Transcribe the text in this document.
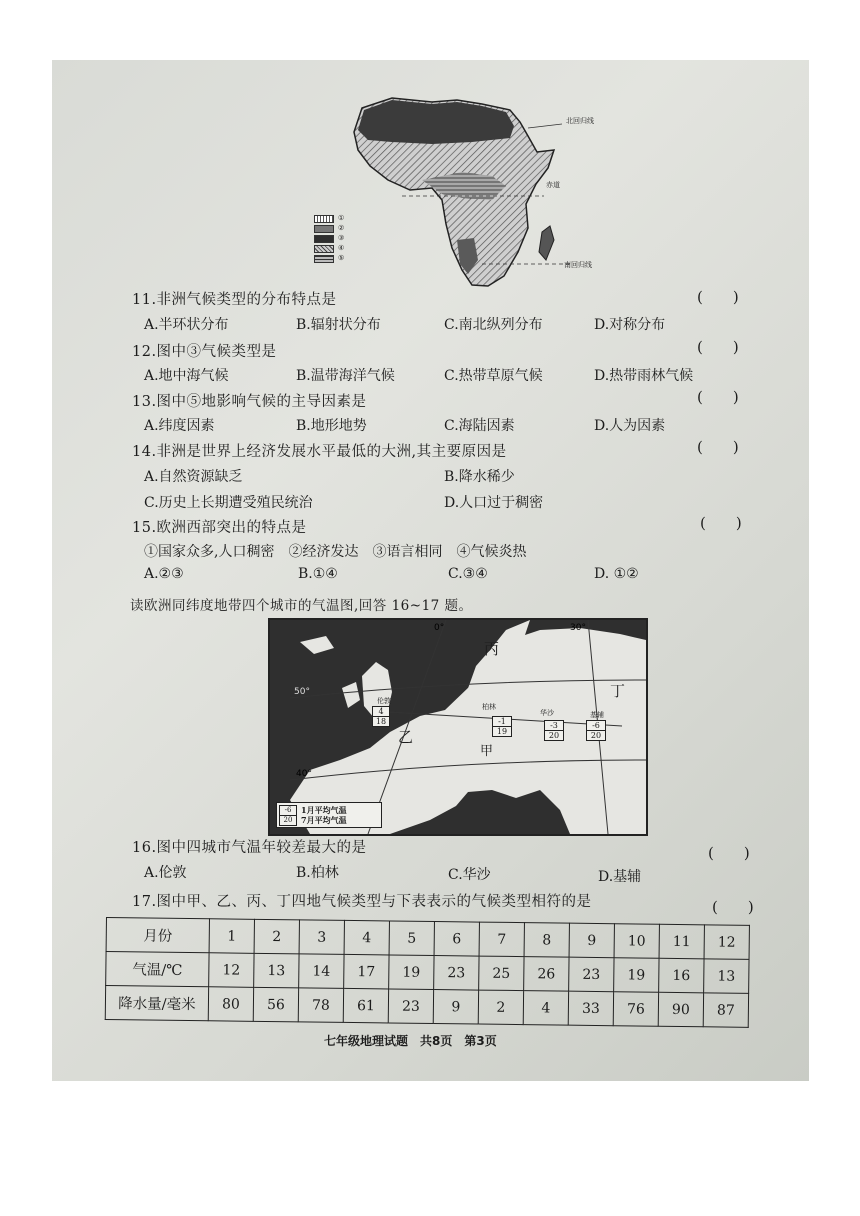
北回归线
赤道
南回归线
①
②
③
④
⑤
11.非洲气候类型的分布特点是	(　　)
A.半环状分布	B.辐射状分布	C.南北纵列分布	D.对称分布
12.图中③气候类型是	(　　)
A.地中海气候	B.温带海洋气候	C.热带草原气候	D.热带雨林气候
13.图中⑤地影响气候的主导因素是	(　　)
A.纬度因素	B.地形地势	C.海陆因素	D.人为因素
14.非洲是世界上经济发展水平最低的大洲,其主要原因是	(　　)
A.自然资源缺乏	B.降水稀少
C.历史上长期遭受殖民统治	D.人口过于稠密
15.欧洲西部突出的特点是	(　　)
①国家众多,人口稠密　②经济发达　③语言相同　④气候炎热
A.②③	B.①④	C.③④	D. ①②
读欧洲同纬度地带四个城市的气温图,回答 16~17 题。
0°	30°
50°
40°
丙
丁
乙
甲
伦敦
柏林
华沙	基辅
4
18	-1
19
-3
20
-6
20
-6
20
1月平均气温
7月平均气温
16.图中四城市气温年较差最大的是	(　　)
A.伦敦	B.柏林	C.华沙	D.基辅
17.图中甲、乙、丙、丁四地气候类型与下表表示的气候类型相符的是	(　　)
月份	1	2	3	4	5	6	7	8	9	10	11	12
气温/℃	12	13	14	17	19	23	25	26	23	19	16	13
降水量/毫米	80	56	78	61	23	9	2	4	33	76	90	87
七年级地理试题　共8页　第3页
